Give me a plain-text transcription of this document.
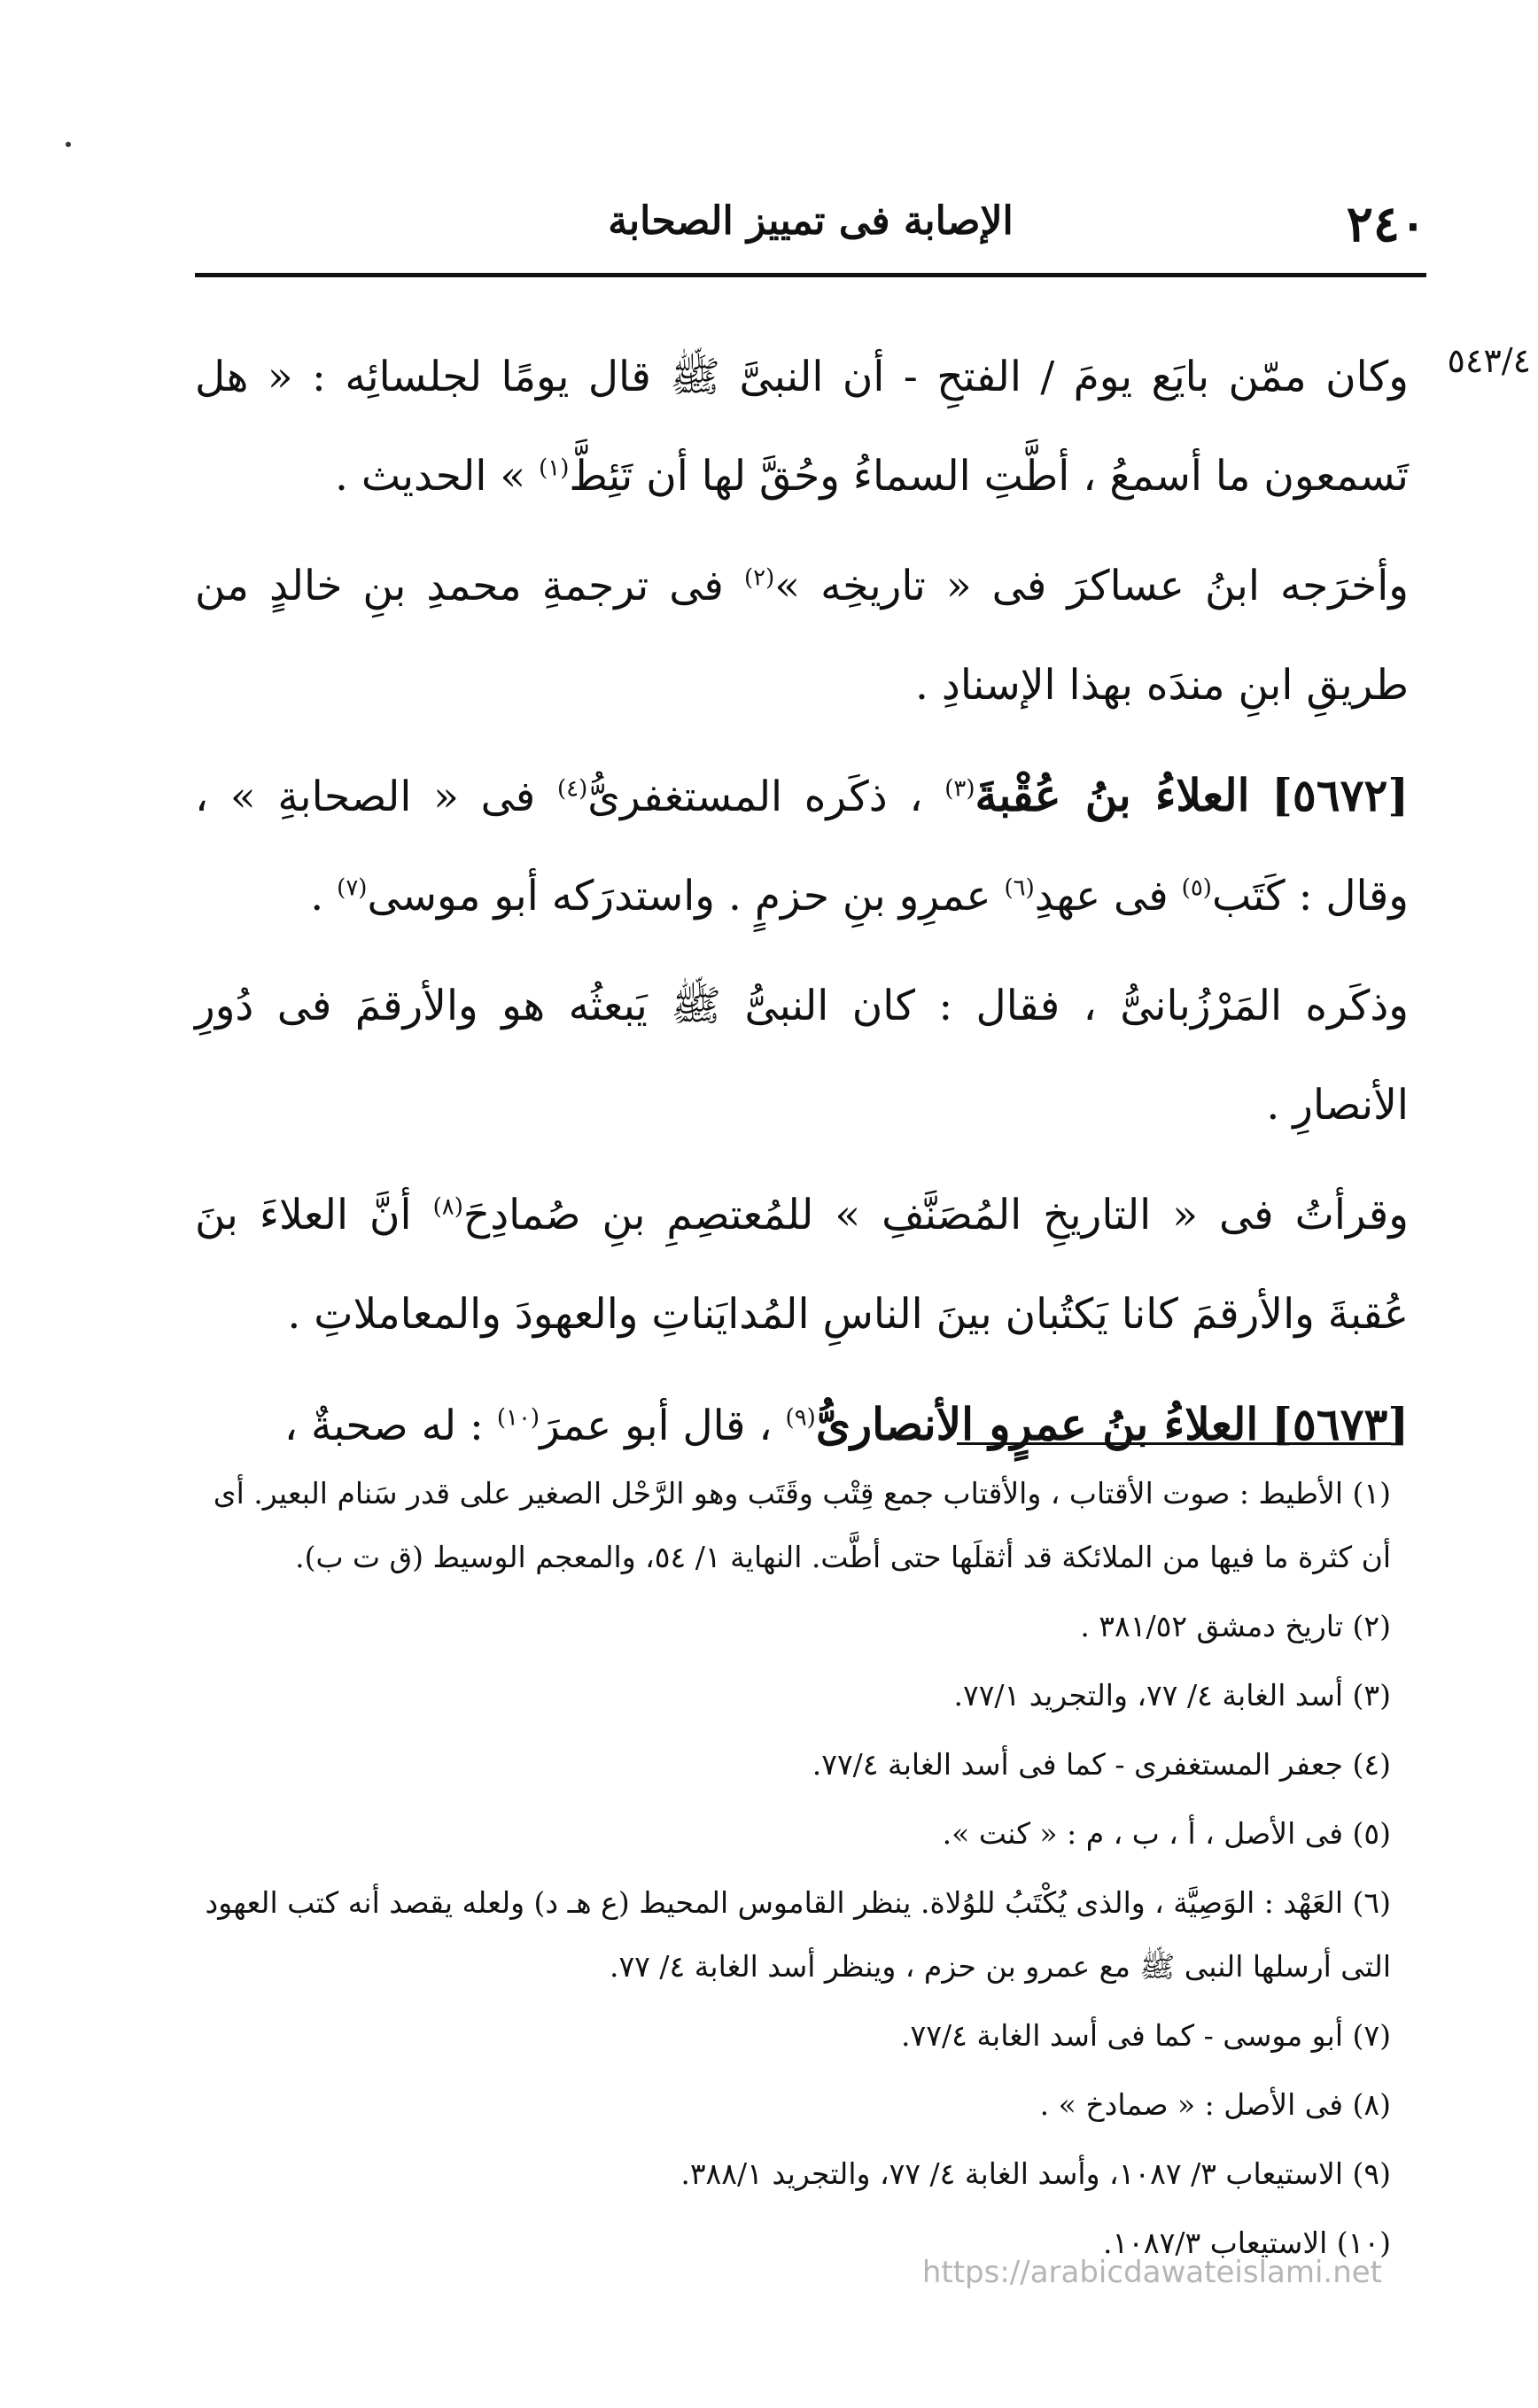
٢٤٠
الإصابة فى تمييز الصحابة
٥٤٣/٤

وكان ممّن بايَع يومَ / الفتحِ - أن النبىَّ ﷺ قال يومًا لجلسائِه : « هل تَسمعون ما أسمعُ ، أطَّتِ السماءُ وحُقَّ لها أن تَئِطَّ$^{(١)}$ » الحديث .

وأخرَجه ابنُ عساكرَ فى « تاريخِه »$^{(٢)}$ فى ترجمةِ محمدِ بنِ خالدٍ من طريقِ ابنِ مندَه بهذا الإسنادِ .

[٥٦٧٢] العلاءُ بنُ عُقْبةَ$^{(٣)}$ ، ذكَره المستغفرىُّ$^{(٤)}$ فى « الصحابةِ » ، وقال : كَتَب$^{(٥)}$ فى عهدِ$^{(٦)}$ عمرِو بنِ حزمٍ . واستدرَكه أبو موسى$^{(٧)}$ .

وذكَره المَرْزُبانىُّ ، فقال : كان النبىُّ ﷺ يَبعثُه هو والأرقمَ فى دُورِ الأنصارِ .

وقرأتُ فى « التاريخِ المُصَنَّفِ » للمُعتصِمِ بنِ صُمادِحَ$^{(٨)}$ أنَّ العلاءَ بنَ عُقبةَ والأرقمَ كانا يَكتُبان بينَ الناسِ المُدايَناتِ والعهودَ والمعاملاتِ .

[٥٦٧٣] العلاءُ بنُ عمرٍو الأنصارىُّ$^{(٩)}$ ، قال أبو عمرَ$^{(١٠)}$ : له صحبةٌ ،

(١) الأطيط : صوت الأقتاب ، والأقتاب جمع قِتْب وقَتَب وهو الرَّحْل الصغير على قدر سَنام البعير. أى أن كثرة ما فيها من الملائكة قد أثقلَها حتى أطَّت. النهاية ١/ ٥٤، والمعجم الوسيط (ق ت ب).

(٢) تاريخ دمشق ٣٨١/٥٢ .

(٣) أسد الغابة ٤/ ٧٧، والتجريد ٧٧/١.

(٤) جعفر المستغفرى - كما فى أسد الغابة ٧٧/٤.

(٥) فى الأصل ، أ ، ب ، م : « كنت ».

(٦) العَهْد : الوَصِيَّة ، والذى يُكْتَبُ للوُلاة. ينظر القاموس المحيط (ع هـ د) ولعله يقصد أنه كتب العهود التى أرسلها النبى ﷺ مع عمرو بن حزم ، وينظر أسد الغابة ٤/ ٧٧.

(٧) أبو موسى - كما فى أسد الغابة ٧٧/٤.

(٨) فى الأصل : « صمادخ » .

(٩) الاستيعاب ٣/ ١٠٨٧، وأسد الغابة ٤/ ٧٧، والتجريد ٣٨٨/١.

(١٠) الاستيعاب ١٠٨٧/٣.

https://arabicdawateislami.net
